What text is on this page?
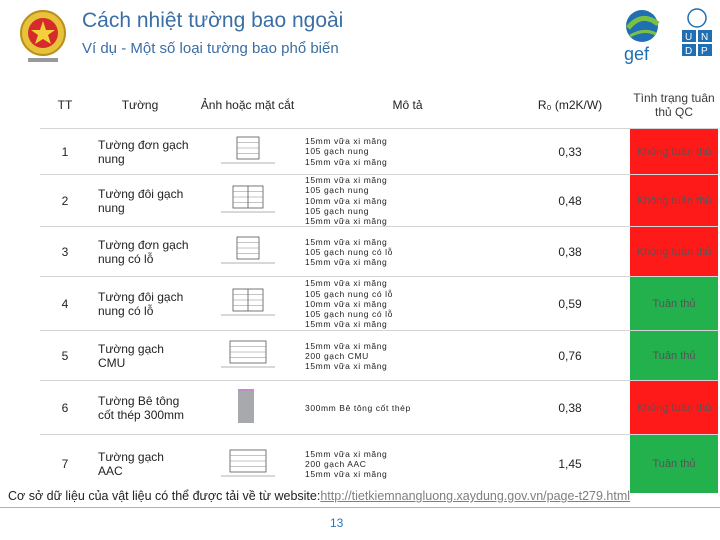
Cách nhiệt tường bao ngoài
Ví dụ - Một số loại tường bao phổ biến	gef
U N
D P
TT	Tường	Ảnh hoặc mặt cắt	Mô tả	R₀ (m2K/W)	Tình trạng tuân thủ QC
1	Tường đơn gạch nung		15mm vữa xi măng
105 gạch nung
15mm vữa xi măng	0,33	Không tuân thủ
2	Tường đôi gạch nung		15mm vữa xi măng
105 gạch nung
10mm vữa xi măng
105 gạch nung
15mm vữa xi măng	0,48	Không tuân thủ
3	Tường đơn gạch nung có lỗ		15mm vữa xi măng
105 gạch nung có lỗ
15mm vữa xi măng	0,38	Không tuân thủ
4	Tường đôi gạch nung có lỗ		15mm vữa xi măng
105 gạch nung có lỗ
10mm vữa xi măng
105 gạch nung có lỗ
15mm vữa xi măng	0,59	Tuân thủ
5	Tường gạch CMU		15mm vữa xi măng
200 gạch CMU
15mm vữa xi măng	0,76	Tuân thủ
6	Tường Bê tông cốt thép 300mm		300mm Bê tông cốt thép	0,38	Không tuân thủ
7	Tường gạch AAC		15mm vữa xi măng
200 gạch AAC
15mm vữa xi măng	1,45	Tuân thủ
Cơ sở dữ liệu của vật liệu có thể được tải về từ website:http://tietkiemnangluong.xaydung.gov.vn/page-t279.html
13
